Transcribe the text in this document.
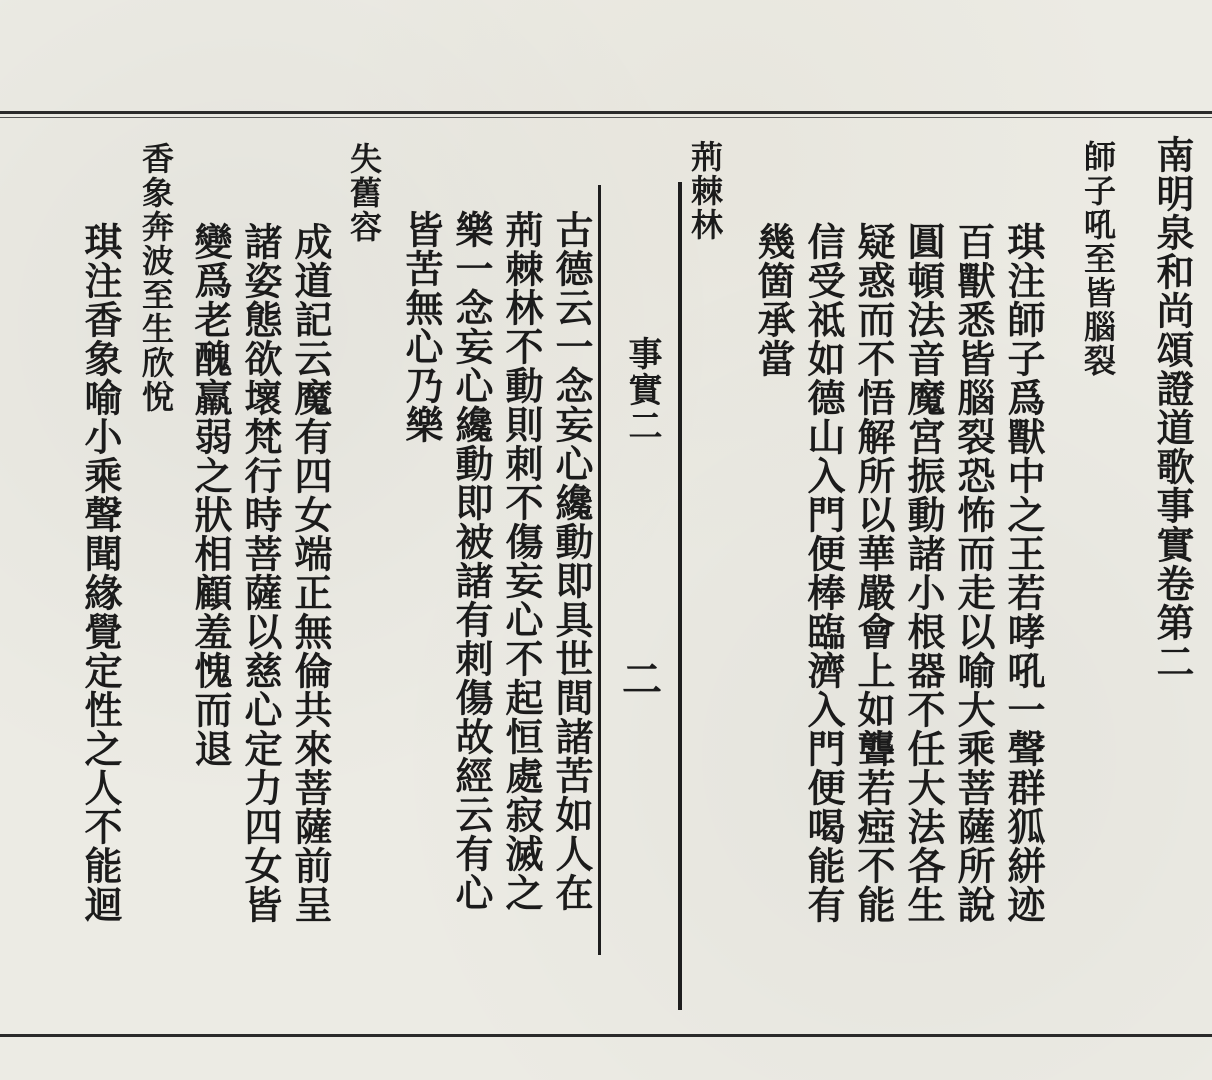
南明泉和尚頌證道歌事實卷第二
師子吼至皆腦裂
琪注師子爲獸中之王若哮吼一聲群狐絣迹
百獸悉皆腦裂恐怖而走以喻大乘菩薩所說
圓頓法音魔宮振動諸小根器不任大法各生
疑惑而不悟解所以華嚴會上如聾若瘂不能
信受祗如德山入門便棒臨濟入門便喝能有
幾箇承當
荊棘林
事實二
二
古德云一念妄心纔動即具世間諸苦如人在
荊棘林不動則刺不傷妄心不起恒處寂滅之
樂一念妄心纔動即被諸有刺傷故經云有心
皆苦無心乃樂
失舊容
成道記云魔有四女端正無倫共來菩薩前呈
諸姿態欲壞梵行時菩薩以慈心定力四女皆
變爲老醜羸弱之狀相顧羞愧而退
香象奔波至生欣悅
琪注香象喻小乘聲聞緣覺定性之人不能迴
